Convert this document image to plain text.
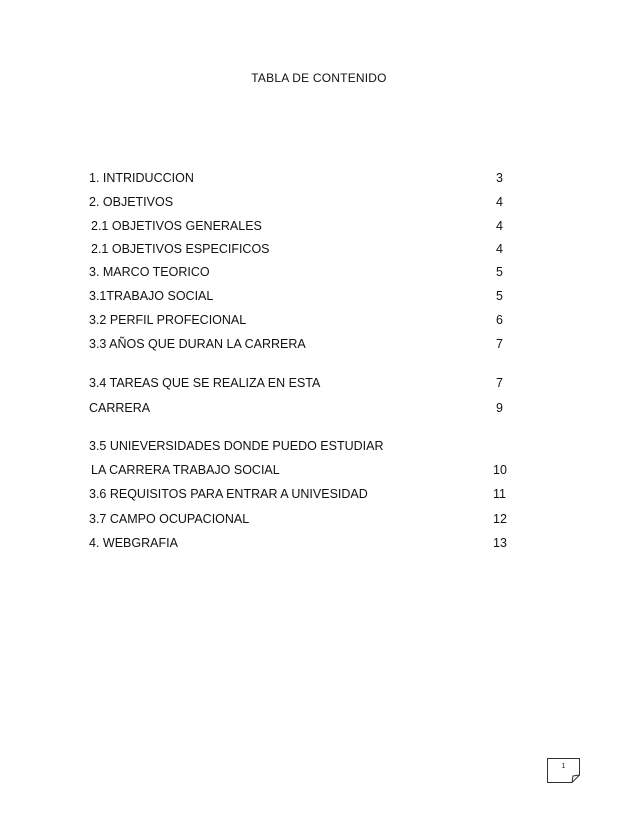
TABLA DE CONTENIDO
1. INTRIDUCCION	3
2. OBJETIVOS	4
2.1 OBJETIVOS GENERALES	4
2.1 OBJETIVOS ESPECIFICOS	4
3. MARCO TEORICO	5
3.1TRABAJO SOCIAL	5
3.2 PERFIL PROFECIONAL	6
3.3 AÑOS QUE DURAN LA CARRERA	7
3.4 TAREAS QUE SE REALIZA EN ESTA	7
CARRERA	9
3.5 UNIEVERSIDADES DONDE PUEDO ESTUDIAR
LA CARRERA TRABAJO SOCIAL	10
3.6 REQUISITOS PARA ENTRAR A UNIVESIDAD	11
3.7 CAMPO OCUPACIONAL	12
4. WEBGRAFIA	13
1
